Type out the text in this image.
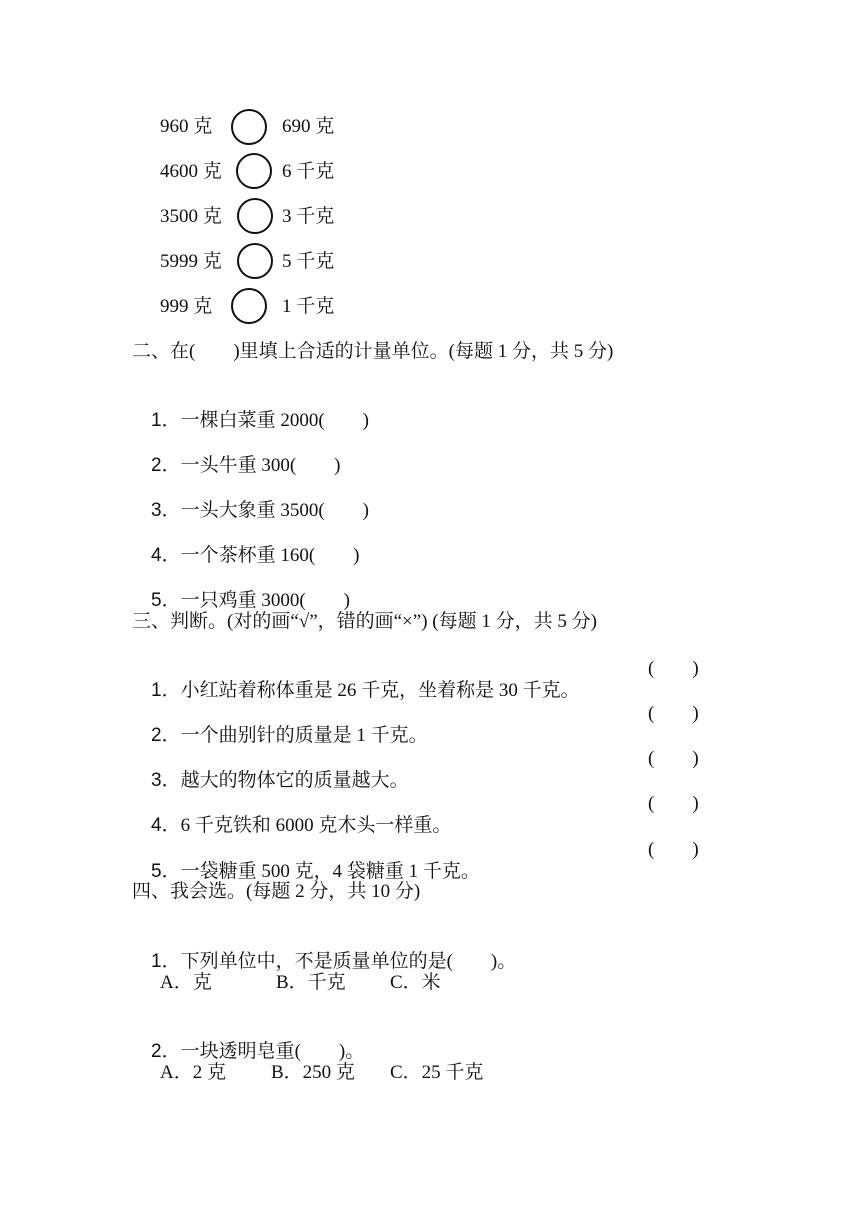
960 克	690 克
4600 克	6 千克
3500 克	3 千克
5999 克	5 千克
999 克	1 千克
二、在(　　)里填上合适的计量单位。(每题 1 分，共 5 分)

1．一棵白菜重 2000(　　)

2．一头牛重 300(　　)

3．一头大象重 3500(　　)

4．一个茶杯重 160(　　)

5．一只鸡重 3000(　　)

三、判断。(对的画“√”，错的画“×”) (每题 1 分，共 5 分)

1．小红站着称体重是 26 千克，坐着称是 30 千克。

(　　)

2．一个曲别针的质量是 1 千克。

(　　)

3．越大的物体它的质量越大。

(　　)

4．6 千克铁和 6000 克木头一样重。

(　　)

5．一袋糖重 500 克，4 袋糖重 1 千克。

(　　)
四、我会选。(每题 2 分，共 10 分)

1．下列单位中，不是质量单位的是(　　)。

A．克	B．千克 C．米

2．一块透明皂重(　　)。

A．2 克 B．250 克 C．25 千克
